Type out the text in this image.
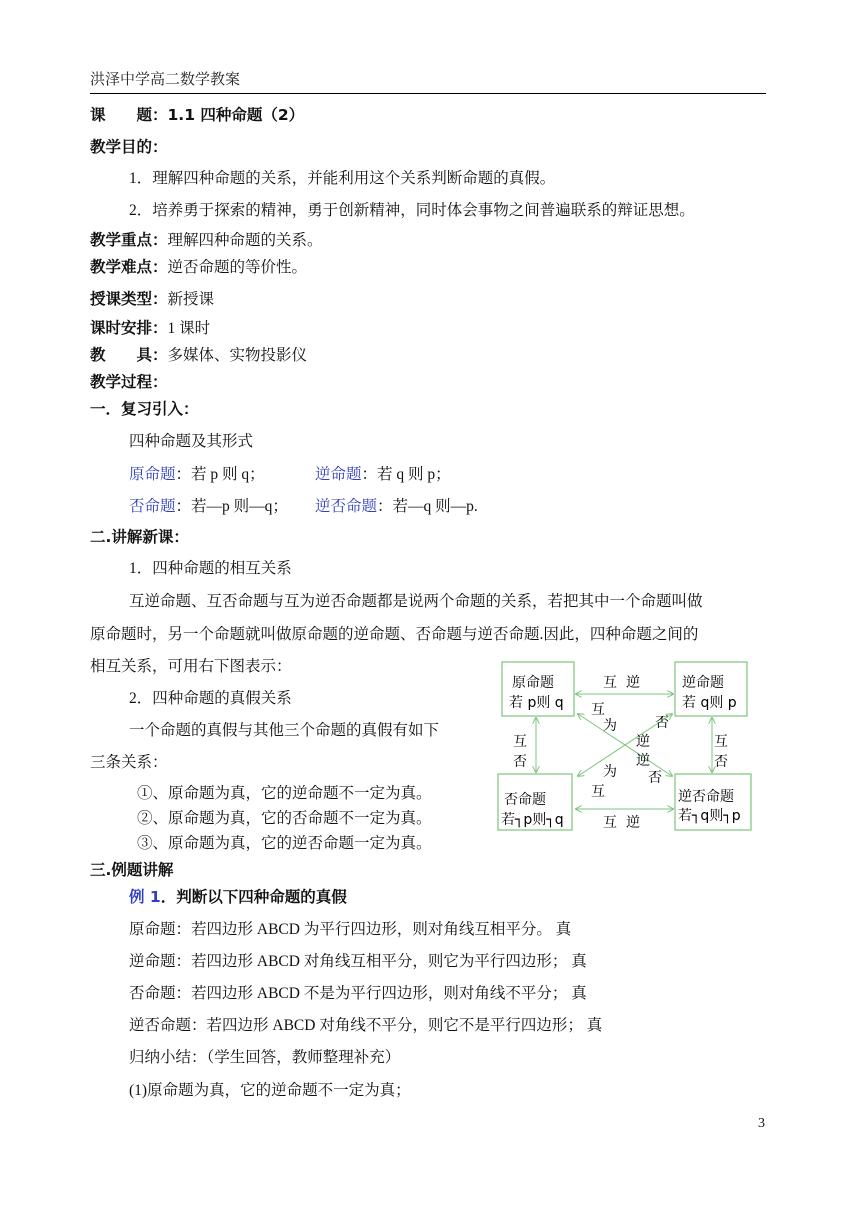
洪泽中学高二数学教案
课　　题：1.1 四种命题（2）
教学目的：
1．理解四种命题的关系，并能利用这个关系判断命题的真假。
2．培养勇于探索的精神，勇于创新精神，同时体会事物之间普遍联系的辩证思想。
教学重点：理解四种命题的关系。
教学难点：逆否命题的等价性。
授课类型：新授课
课时安排：1 课时
教　　具：多媒体、实物投影仪
教学过程：
一．复习引入：
四种命题及其形式
原命题：若 p 则 q；	逆命题：若 q 则 p；
否命题：若—p 则—q； 逆否命题：若—q 则—p.
二.讲解新课：
1．四种命题的相互关系
互逆命题、互否命题与互为逆否命题都是说两个命题的关系，若把其中一个命题叫做
原命题时，另一个命题就叫做原命题的逆命题、否命题与逆否命题.因此，四种命题之间的
相互关系，可用右下图表示：
2．四种命题的真假关系
一个命题的真假与其他三个命题的真假有如下
三条关系：
①、原命题为真，它的逆命题不一定为真。
②、原命题为真，它的否命题不一定为真。
③、原命题为真，它的逆否命题一定为真。
三.例题讲解
例 1．判断以下四种命题的真假
原命题：若四边形 ABCD 为平行四边形，则对角线互相平分。 真
逆命题：若四边形 ABCD 对角线互相平分，则它为平行四边形； 真
否命题：若四边形 ABCD 不是为平行四边形，则对角线不平分； 真
逆否命题：若四边形 ABCD 对角线不平分，则它不是平行四边形； 真
归纳小结：（学生回答，教师整理补充）
(1)原命题为真，它的逆命题不一定为真；
3
原命题
若 p则 q
逆命题
若 q则 p
否命题
若┐p则┐q
逆否命题
若┐q则┐p
互 逆
互 逆
互
否
互
否
互
为	否
逆
否
为
互
逆
